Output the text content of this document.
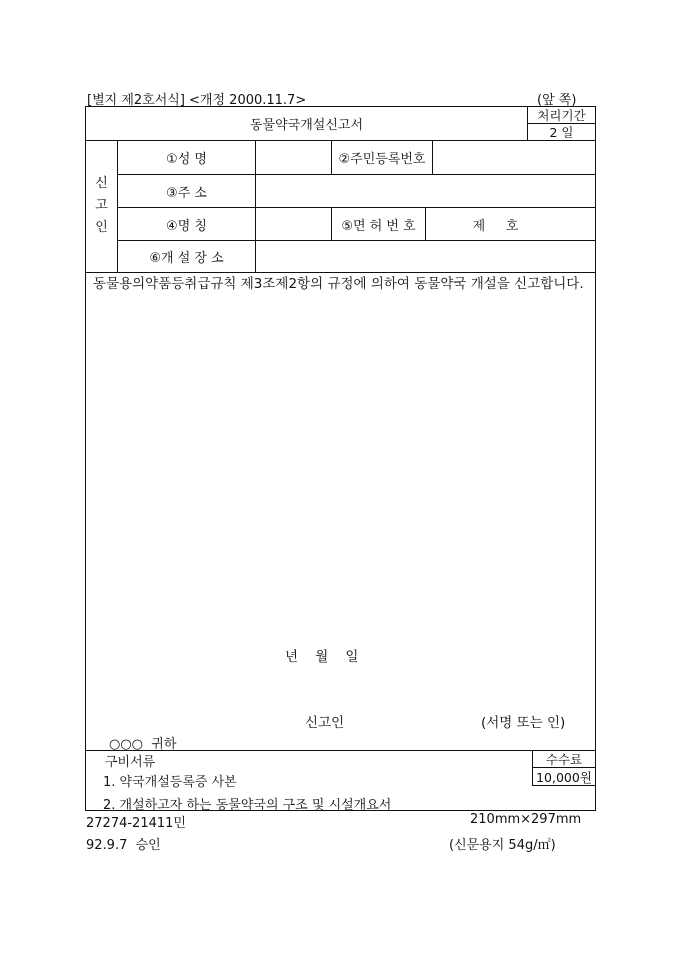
[별지 제2호서식] <개정 2000.11.7>	(앞 쪽)
동물약국개설신고서
처리기간
2 일
신
고
인
①성 명	②주민등록번호
③주 소
④명 칭	⑤면 허 번 호	제     호
⑥개 설 장 소
동물용의약품등취급규칙 제3조제2항의 규정에 의하여 동물약국 개설을 신고합니다.
년    월    일
신고인	(서명 또는 인)
○○○  귀하
구비서류
1. 약국개설등록증 사본
2. 개설하고자 하는 동물약국의 구조 및 시설개요서
수수료
10,000원
27274-21411민
92.9.7  승인
210mm×297mm
(신문용지 54g/㎡)
